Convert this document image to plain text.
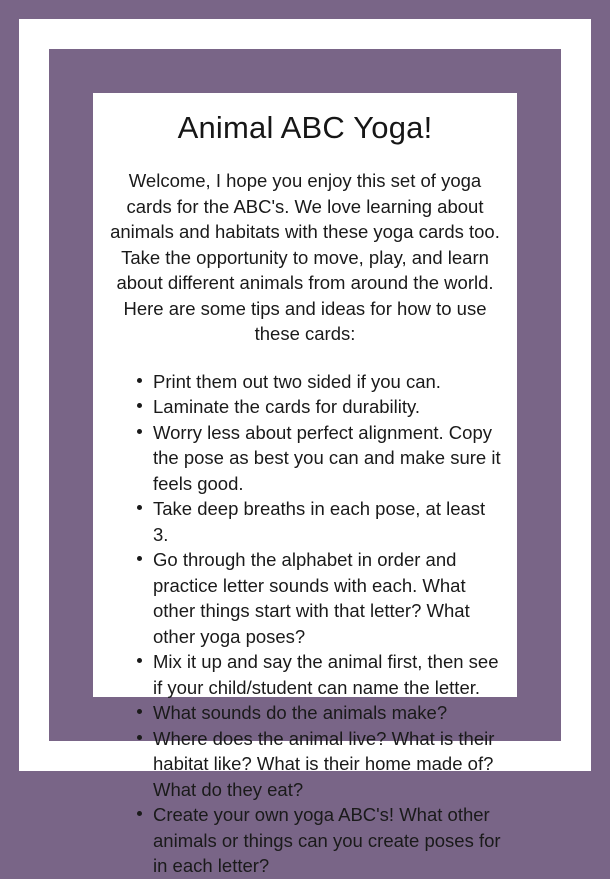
Animal ABC Yoga!

Welcome, I hope you enjoy this set of yoga cards for the ABC's. We love learning about animals and habitats with these yoga cards too. Take the opportunity to move, play, and learn about different animals from around the world. Here are some tips and ideas for how to use these cards:

Print them out two sided if you can.
Laminate the cards for durability.
Worry less about perfect alignment. Copy the pose as best you can and make sure it feels good.
Take deep breaths in each pose, at least 3.
Go through the alphabet in order and practice letter sounds with each. What other things start with that letter? What other yoga poses?
Mix it up and say the animal first, then see if your child/student can name the letter.
What sounds do the animals make?
Where does the animal live? What is their habitat like? What is their home made of? What do they eat?
Create your own yoga ABC's! What other animals or things can you create poses for in each letter?
